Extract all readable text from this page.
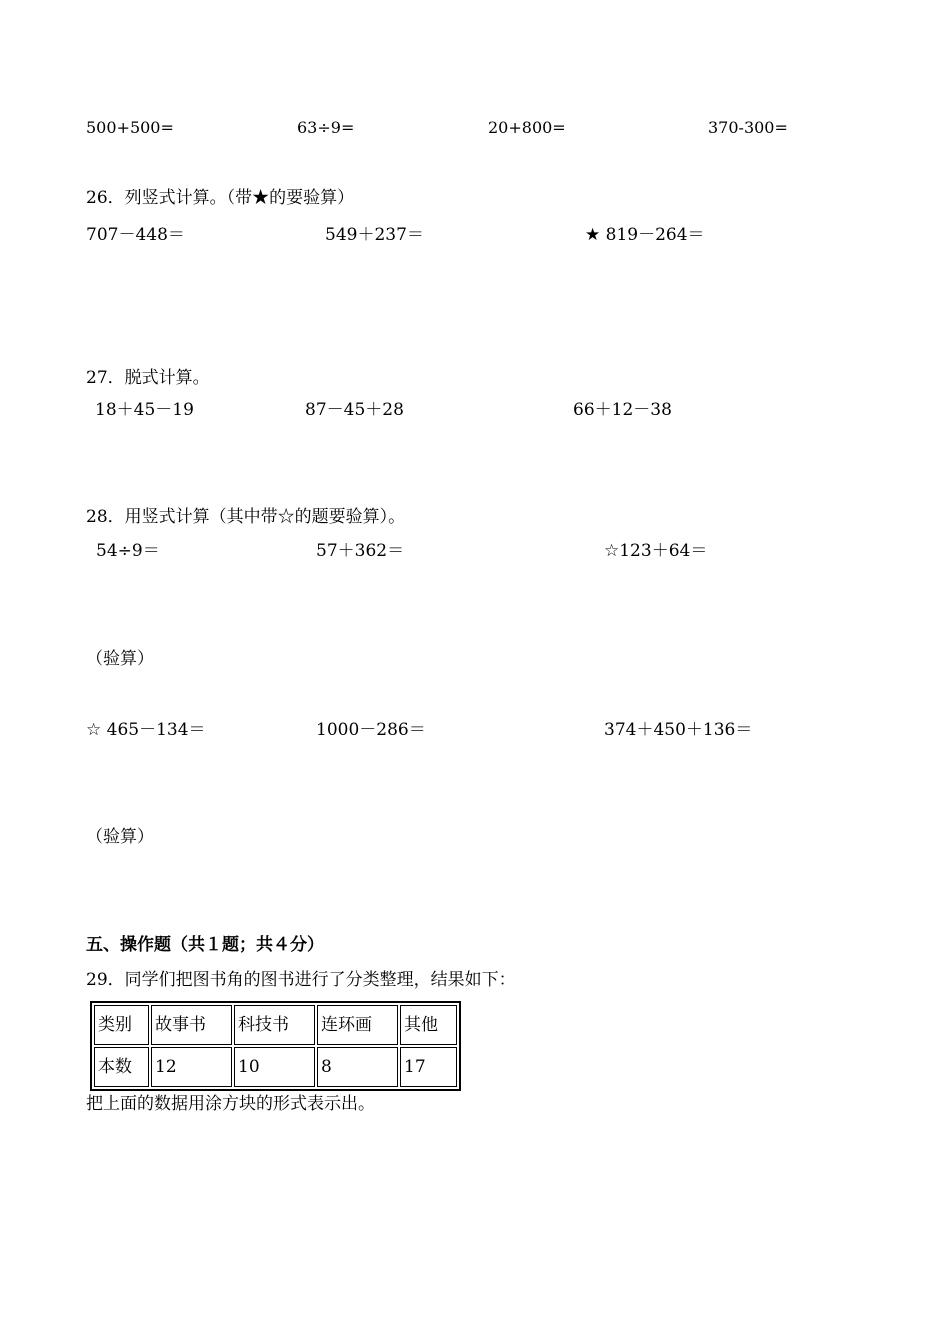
500+500=	63÷9=	20+800=	370-300=
26．列竖式计算。（带★的要验算）
707－448＝	549＋237＝	★ 819－264＝
27．脱式计算。
18＋45－19	87－45＋28	66＋12－38
28．用竖式计算（其中带☆的题要验算）。
54÷9＝	57＋362＝	☆123＋64＝
（验算）
☆ 465－134＝	1000－286＝	374＋450＋136＝
（验算）
五、操作题（共１题；共４分）
29．同学们把图书角的图书进行了分类整理，结果如下：
类别	故事书	科技书	连环画	其他
本数	12	10	8	17
把上面的数据用涂方块的形式表示出。
